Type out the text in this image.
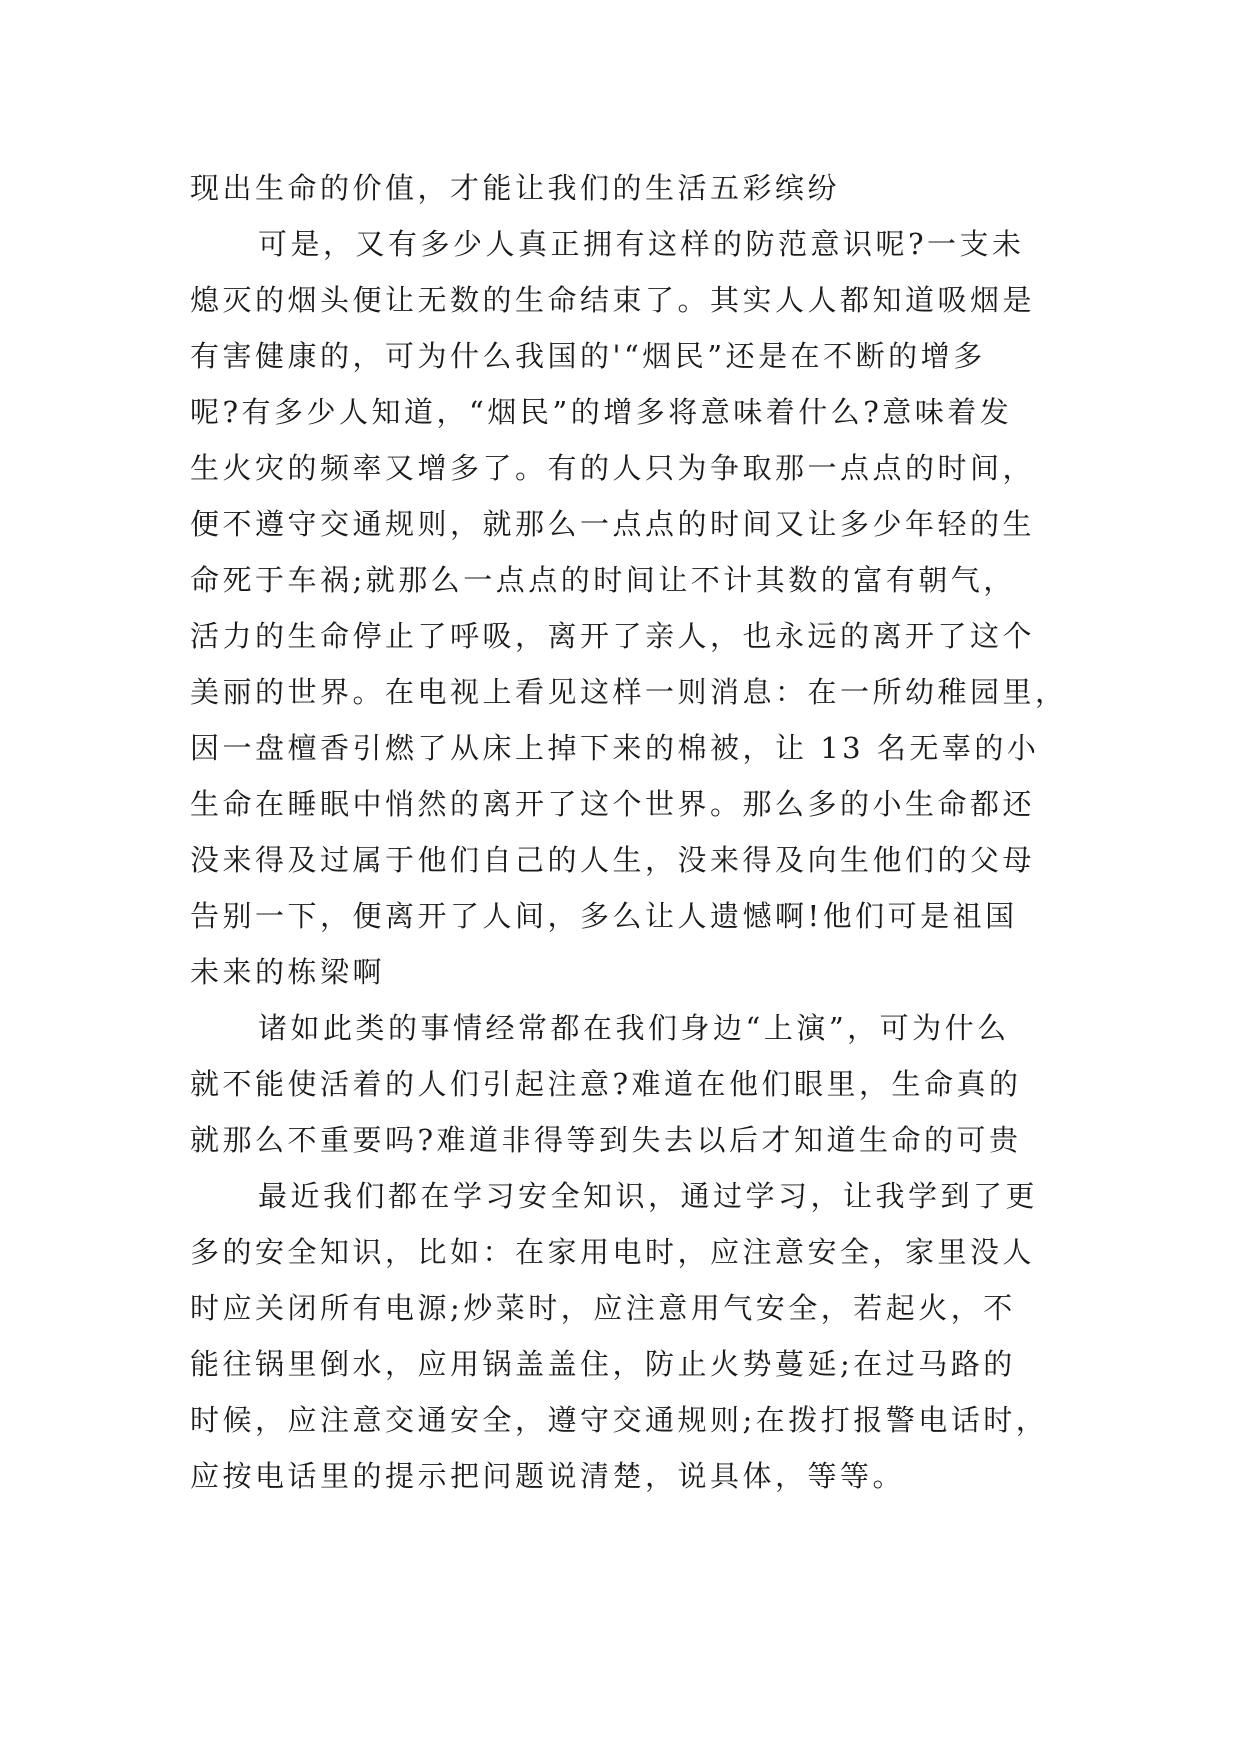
现出生命的价值，才能让我们的生活五彩缤纷
可是，又有多少人真正拥有这样的防范意识呢?一支未
熄灭的烟头便让无数的生命结束了。其实人人都知道吸烟是
有害健康的，可为什么我国的'“烟民”还是在不断的增多
呢?有多少人知道，“烟民”的增多将意味着什么?意味着发
生火灾的频率又增多了。有的人只为争取那一点点的时间，
便不遵守交通规则，就那么一点点的时间又让多少年轻的生
命死于车祸;就那么一点点的时间让不计其数的富有朝气，
活力的生命停止了呼吸，离开了亲人，也永远的离开了这个
美丽的世界。在电视上看见这样一则消息：在一所幼稚园里，
因一盘檀香引燃了从床上掉下来的棉被，让 13 名无辜的小
生命在睡眠中悄然的离开了这个世界。那么多的小生命都还
没来得及过属于他们自己的人生，没来得及向生他们的父母
告别一下，便离开了人间，多么让人遗憾啊!他们可是祖国
未来的栋梁啊
诸如此类的事情经常都在我们身边“上演”，可为什么
就不能使活着的人们引起注意?难道在他们眼里，生命真的
就那么不重要吗?难道非得等到失去以后才知道生命的可贵
最近我们都在学习安全知识，通过学习，让我学到了更
多的安全知识，比如：在家用电时，应注意安全，家里没人
时应关闭所有电源;炒菜时，应注意用气安全，若起火，不
能往锅里倒水，应用锅盖盖住，防止火势蔓延;在过马路的
时候，应注意交通安全，遵守交通规则;在拨打报警电话时，
应按电话里的提示把问题说清楚，说具体，等等。
